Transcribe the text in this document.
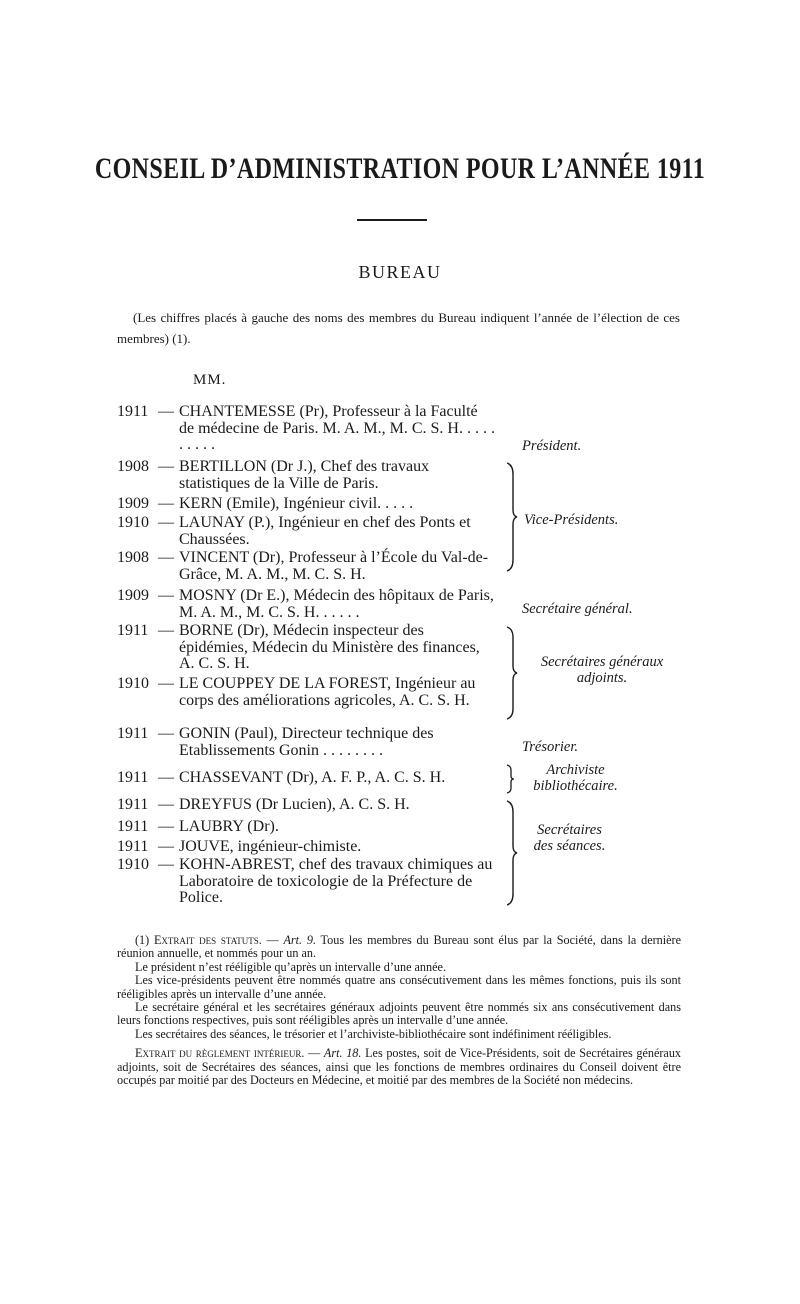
CONSEIL D’ADMINISTRATION POUR L’ANNÉE 1911
BUREAU
(Les chiffres placés à gauche des noms des membres du Bureau indiquent l’année de l’élection de ces membres) (1).
MM.
1911 — CHANTEMESSE (Pr), Professeur à la Faculté de médecine de Paris. M. A. M., M. C. S. H. . . . . . . . . .
1908 — BERTILLON (Dr J.), Chef des travaux statistiques de la Ville de Paris.
1909 — KERN (Emile), Ingénieur civil. . . . .
1910 — LAUNAY (P.), Ingénieur en chef des Ponts et Chaussées.
1908 — VINCENT (Dr), Professeur à l’École du Val-de-Grâce, M. A. M., M. C. S. H.
1909 — MOSNY (Dr E.), Médecin des hôpitaux de Paris, M. A. M., M. C. S. H. . . . . .
1911 — BORNE (Dr), Médecin inspecteur des épidémies, Médecin du Ministère des finances, A. C. S. H.
1910 — LE COUPPEY DE LA FOREST, Ingénieur au corps des améliorations agricoles, A. C. S. H.
1911 — GONIN (Paul), Directeur technique des Etablissements Gonin . . . . . . . .
1911 — CHASSEVANT (Dr), A. F. P., A. C. S. H.
1911 — DREYFUS (Dr Lucien), A. C. S. H.
1911 — LAUBRY (Dr).
1911 — JOUVE, ingénieur-chimiste.
1910 — KOHN-ABREST, chef des travaux chimiques au Laboratoire de toxicologie de la Préfecture de Police.
Président.
Vice-Présidents.
Secrétaire général.
Secrétaires généraux
adjoints.
Trésorier.
Archiviste
bibliothécaire.
Secrétaires
des séances.

(1) Extrait des statuts. — Art. 9. Tous les membres du Bureau sont élus par la Société, dans la dernière réunion annuelle, et nommés pour un an.

Le président n’est rééligible qu’après un intervalle d’une année.

Les vice-présidents peuvent être nommés quatre ans consécutivement dans les mêmes fonctions, puis ils sont rééligibles après un intervalle d’une année.

Le secrétaire général et les secrétaires généraux adjoints peuvent être nommés six ans consécutivement dans leurs fonctions respectives, puis sont rééligibles après un intervalle d’une année.

Les secrétaires des séances, le trésorier et l’archiviste-bibliothécaire sont indéfiniment rééligibles.

Extrait du règlement intérieur. — Art. 18. Les postes, soit de Vice-Présidents, soit de Secrétaires généraux adjoints, soit de Secrétaires des séances, ainsi que les fonctions de membres ordinaires du Conseil doivent être occupés par moitié par des Docteurs en Médecine, et moitié par des membres de la Société non médecins.
